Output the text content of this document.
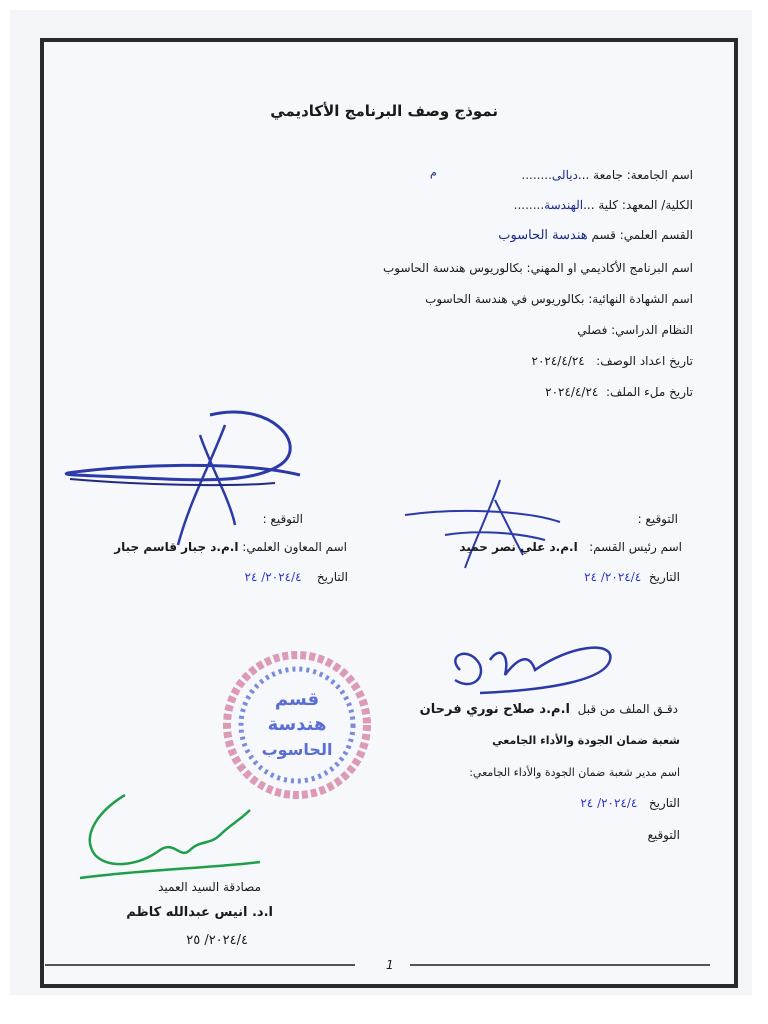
نموذج وصف البرنامج الأكاديمي
اسم الجامعة: جامعة ...ديالى........
م
الكلية/ المعهد: كلية ...الهندسة........
القسم العلمي: قسم هندسة الحاسوب
اسم البرنامج الأكاديمي او المهني: بكالوريوس هندسة الحاسوب
اسم الشهادة النهائية: بكالوريوس في هندسة الحاسوب
النظام الدراسي: فصلي
تاريخ اعداد الوصف:   ٢٠٢٤/٤/٢٤
تاريخ ملء الملف:  ٢٠٢٤/٤/٢٤
التوقيع :
اسم المعاون العلمي: ا.م.د جبار قاسم جبار
التاريخ    ٢٠٢٤/٤/ ٢٤
التوقيع :
اسم رئيس القسم:   ا.م.د علي نصر حميد
التاريخ  ٢٠٢٤/٤/ ٢٤
دقـق الملف من قبل  ا.م.د صلاح نوري فرحان
شعبة ضمان الجودة والأداء الجامعي
اسم مدير شعبة ضمان الجودة والأداء الجامعي:
التاريخ   ٢٠٢٤/٤/ ٢٤
التوقيع
قسم
هندسة
الحاسوب
مصادقة السيد العميد
ا.د. انيس عبدالله كاظم
٢٠٢٤/٤/ ٢٥
1
